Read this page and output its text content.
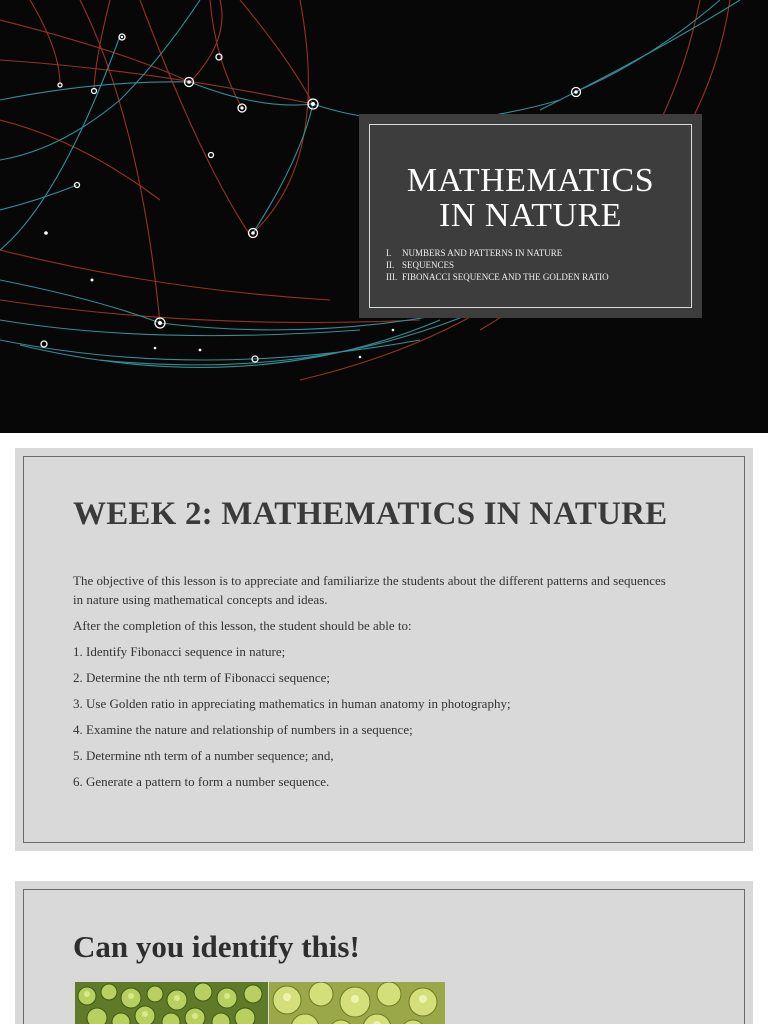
MATHEMATICS
IN NATURE
I.	NUMBERS AND PATTERNS IN NATURE
II. SEQUENCES
III. FIBONACCI SEQUENCE AND THE GOLDEN RATIO
WEEK 2: MATHEMATICS IN NATURE

The objective of this lesson is to appreciate and familiarize the students about the different patterns and sequences in nature using mathematical concepts and ideas.

After the completion of this lesson, the student should be able to:

1. Identify Fibonacci sequence in nature;
2. Determine the nth term of Fibonacci sequence;
3. Use Golden ratio in appreciating mathematics in human anatomy in photography;
4. Examine the nature and relationship of numbers in a sequence;
5. Determine nth term of a number sequence; and,
6. Generate a pattern to form a number sequence.
Can you identify this!
